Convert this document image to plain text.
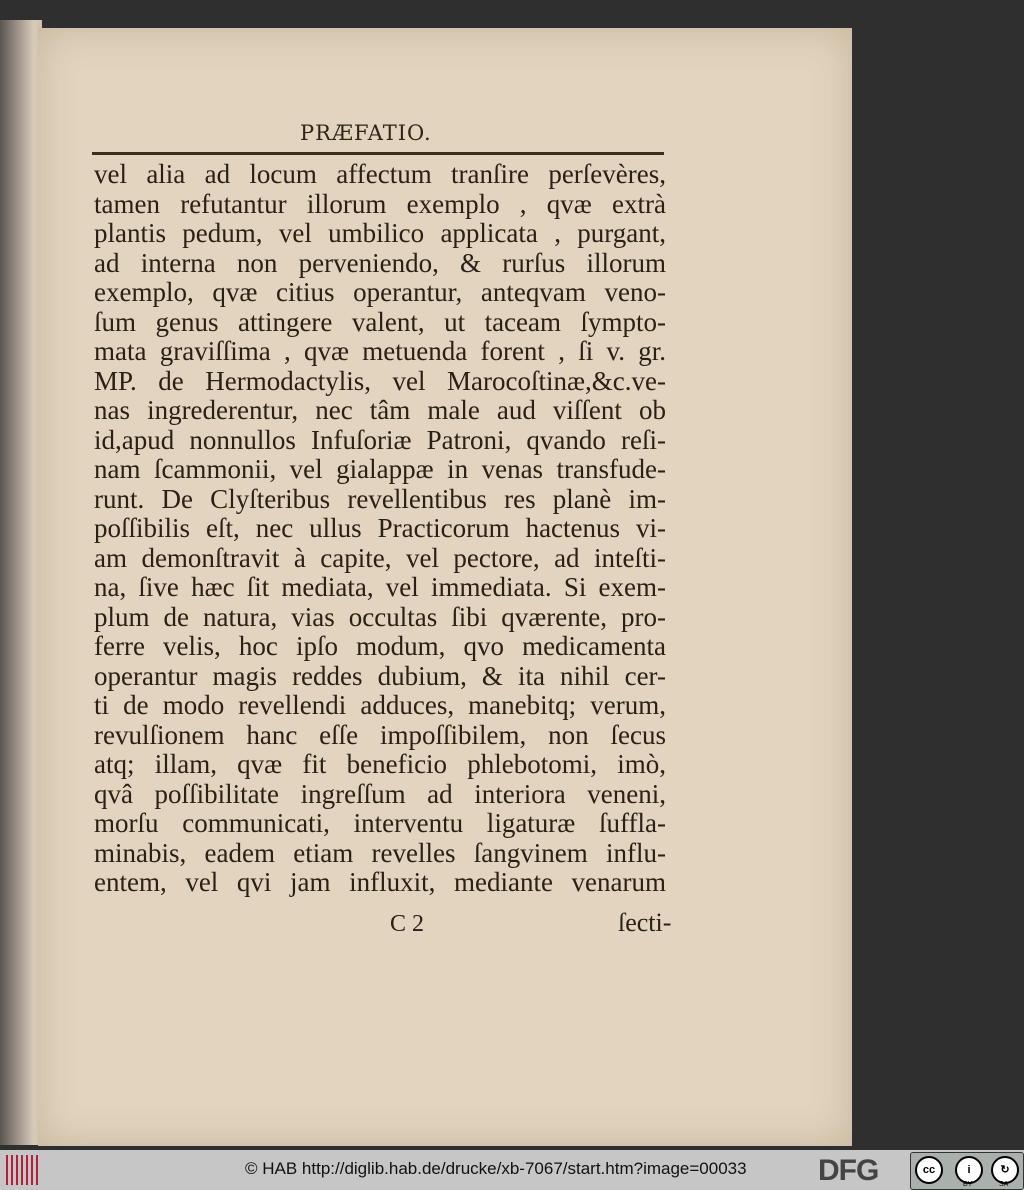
PRÆFATIO.
vel alia ad locum affectum tranſire perſevères,
tamen refutantur illorum exemplo , qvæ extrà
plantis pedum, vel umbilico applicata , purgant,
ad interna non perveniendo, & rurſus illorum
exemplo, qvæ citius operantur, anteqvam veno-
ſum genus attingere valent, ut taceam ſympto-
mata graviſſima , qvæ metuenda forent , ſi v. gr.
MP. de Hermodactylis, vel Marocoſtinæ,&c.ve-
nas ingrederentur, nec tâm male aud viſſent ob
id,apud nonnullos Infuſoriæ Patroni, qvando reſi-
nam ſcammonii, vel gialappæ in venas transfude-
runt. De Clyſteribus revellentibus res planè im-
poſſibilis eſt, nec ullus Practicorum hactenus vi-
am demonſtravit à capite, vel pectore, ad inteſti-
na, ſive hæc ſit mediata, vel immediata. Si exem-
plum de natura, vias occultas ſibi qværente, pro-
ferre velis, hoc ipſo modum, qvo medicamenta
operantur magis reddes dubium, & ita nihil cer-
ti de modo revellendi adduces, manebitq; verum,
revulſionem hanc eſſe impoſſibilem, non ſecus
atq; illam, qvæ fit beneficio phlebotomi, imò,
qvâ poſſibilitate ingreſſum ad interiora veneni,
morſu communicati, interventu ligaturæ ſuffla-
minabis, eadem etiam revelles ſangvinem influ-
entem, vel qvi jam influxit, mediante venarum
C 2	ſecti-
© HAB http://diglib.hab.de/drucke/xb-7067/start.htm?image=00033 DFG	cc	i	↻
BY	SA
